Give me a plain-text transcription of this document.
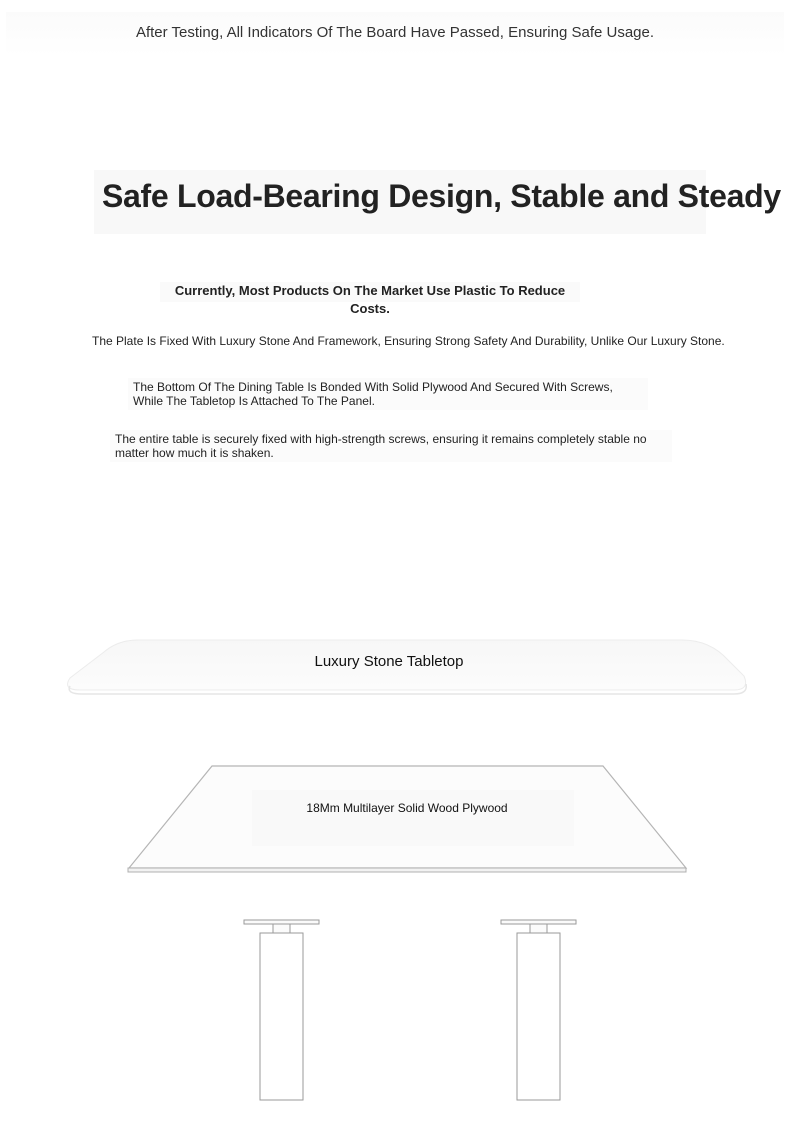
After Testing, All Indicators Of The Board Have Passed, Ensuring Safe Usage.
Safe Load-Bearing Design, Stable and Steady
Currently, Most Products On The Market Use Plastic To Reduce Costs.
The Plate Is Fixed With Luxury Stone And Framework, Ensuring Strong Safety And Durability, Unlike Our Luxury Stone.
The Bottom Of The Dining Table Is Bonded With Solid Plywood And Secured With Screws,
While The Tabletop Is Attached To The Panel.
The entire table is securely fixed with high-strength screws, ensuring it remains completely stable no matter how much it is shaken.
Luxury Stone Tabletop
18Mm Multilayer Solid Wood Plywood
